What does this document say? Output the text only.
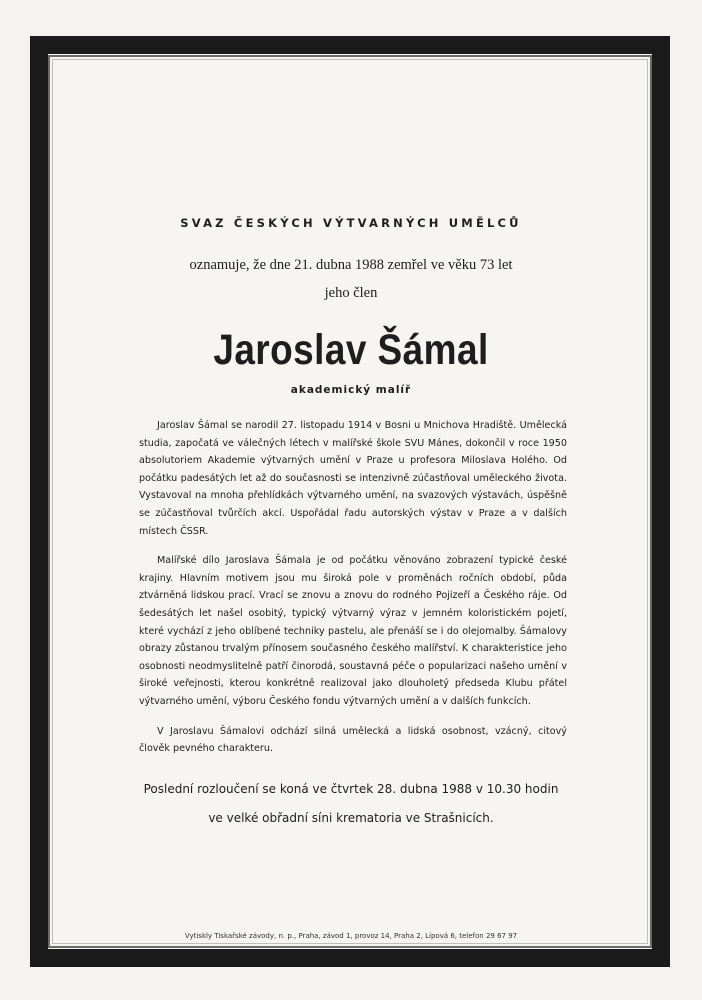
SVAZ ČESKÝCH VÝTVARNÝCH UMĚLCŮ
oznamuje, že dne 21. dubna 1988 zemřel ve věku 73 let
jeho člen
Jaroslav Šámal
akademický malíř

Jaroslav Šámal se narodil 27. listopadu 1914 v Bosni u Mnichova Hradiště. Umělecká studia, započatá ve válečných létech v malířské škole SVU Mánes, dokončil v roce 1950 absolutoriem Akademie výtvarných umění v Praze u profesora Miloslava Holého. Od počátku padesátých let až do současnosti se intenzivně zúčastňoval uměleckého života. Vystavoval na mnoha přehlídkách výtvarného umění, na svazových výstavách, úspěšně se zúčastňoval tvůrčích akcí. Uspořádal řadu autorských výstav v Praze a v dalších místech ČSSR.

Malířské dílo Jaroslava Šámala je od počátku věnováno zobrazení typické české krajiny. Hlavním motivem jsou mu široká pole v proměnách ročních období, půda ztvárněná lidskou prací. Vrací se znovu a znovu do rodného Pojizeří a Českého ráje. Od šedesátých let našel osobitý, typický výtvarný výraz v jemném koloristickém pojetí, které vychází z jeho oblíbené techniky pastelu, ale přenáší se i do olejomalby. Šámalovy obrazy zůstanou trvalým přínosem současného českého malířství. K charakteristice jeho osobnosti neodmyslitelně patří činorodá, soustavná péče o popularizaci našeho umění v široké veřejnosti, kterou konkrétně realizoval jako dlouholetý předseda Klubu přátel výtvarného umění, výboru Českého fondu výtvarných umění a v dalších funkcích.

V Jaroslavu Šámalovi odchází silná umělecká a lidská osobnost, vzácný, citový člověk pevného charakteru.

Poslední rozloučení se koná ve čtvrtek 28. dubna 1988 v 10.30 hodin
ve velké obřadní síni krematoria ve Strašnicích.
Vytiskly Tiskařské závody, n. p., Praha, závod 1, provoz 14, Praha 2, Lípová 6, telefon 29 67 97
